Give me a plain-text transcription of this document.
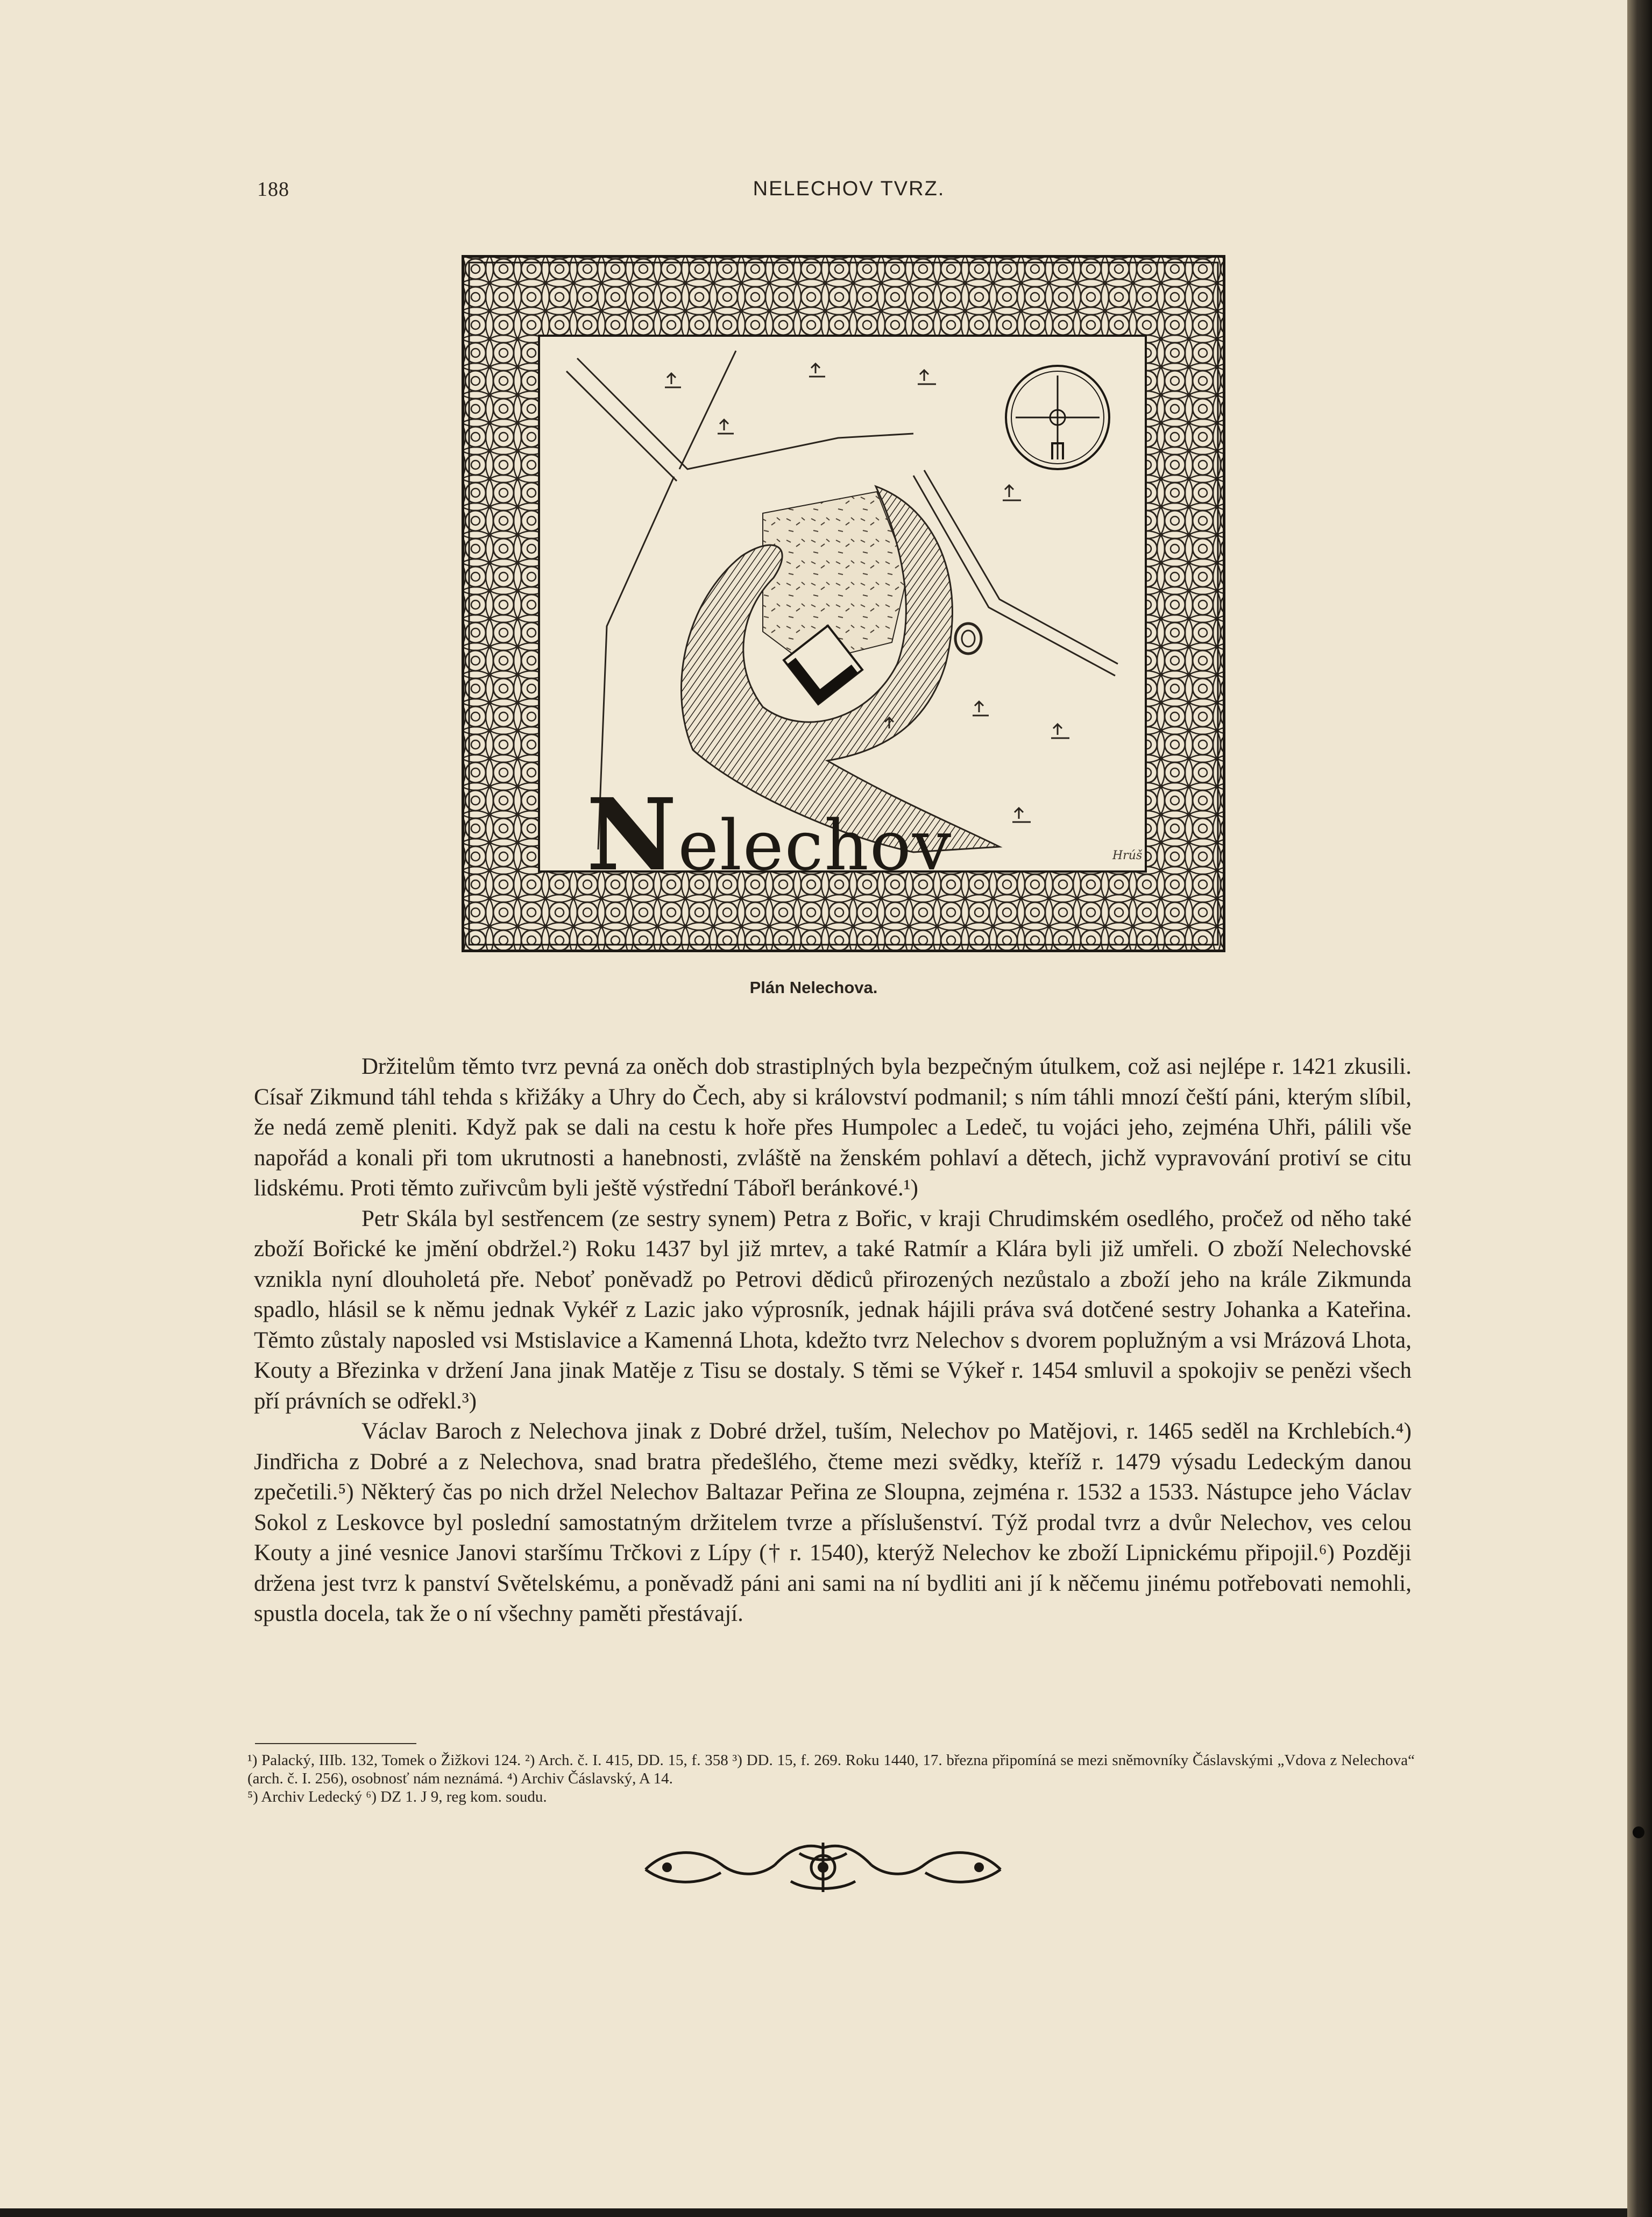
188	NELECHOV TVRZ.
Nelechov	Hrúš
Plán Nelechova.

Držitelům těmto tvrz pevná za oněch dob strastiplných byla bezpečným útulkem, což asi nejlépe r. 1421 zkusili. Císař Zikmund táhl tehda s křižáky a Uhry do Čech, aby si království podmanil; s ním táhli mnozí čeští páni, kterým slíbil, že nedá země pleniti. Když pak se dali na cestu k hoře přes Humpolec a Ledeč, tu vojáci jeho, zejména Uhři, pálili vše napořád a konali při tom ukrutnosti a hanebnosti, zvláště na ženském pohlaví a dětech, jichž vypravování protiví se citu lidskému. Proti těmto zuřivcům byli ještě výstřední Tábořl beránkové.¹)

Petr Skála byl sestřencem (ze sestry synem) Petra z Bořic, v kraji Chrudimském osedlého, pročež od něho také zboží Bořické ke jmění obdržel.²) Roku 1437 byl již mrtev, a také Ratmír a Klára byli již umřeli. O zboží Nelechovské vznikla nyní dlouholetá pře. Neboť poněvadž po Petrovi dědiců přirozených nezůstalo a zboží jeho na krále Zikmunda spadlo, hlásil se k němu jednak Vykéř z Lazic jako výprosník, jednak hájili práva svá dotčené sestry Johanka a Kateřina. Těmto zůstaly naposled vsi Mstislavice a Kamenná Lhota, kdežto tvrz Nelechov s dvorem poplužným a vsi Mrázová Lhota, Kouty a Březinka v držení Jana jinak Matěje z Tisu se dostaly. S těmi se Výkeř r. 1454 smluvil a spokojiv se penězi všech pří právních se odřekl.³)

Václav Baroch z Nelechova jinak z Dobré držel, tuším, Nelechov po Matějovi, r. 1465 seděl na Krchlebích.⁴) Jindřicha z Dobré a z Nelechova, snad bratra předešlého, čteme mezi svědky, kteříž r. 1479 výsadu Ledeckým danou zpečetili.⁵) Některý čas po nich držel Nelechov Baltazar Peřina ze Sloupna, zejména r. 1532 a 1533. Nástupce jeho Václav Sokol z Leskovce byl poslední samostatným držitelem tvrze a příslušenství. Týž prodal tvrz a dvůr Nelechov, ves celou Kouty a jiné vesnice Janovi staršímu Trčkovi z Lípy († r. 1540), kterýž Nelechov ke zboží Lipnickému připojil.⁶) Později držena jest tvrz k panství Světelskému, a poněvadž páni ani sami na ní bydliti ani jí k něčemu jinému potřebovati nemohli, spustla docela, tak že o ní všechny paměti přestávají.

¹) Palacký, IIIb. 132, Tomek o Žižkovi 124. ²) Arch. č. I. 415, DD. 15, f. 358 ³) DD. 15, f. 269. Roku 1440, 17. března připomíná se mezi sněmovníky Čáslavskými „Vdova z Nelechova“ (arch. č. I. 256), osobnosť nám neznámá. ⁴) Archiv Čáslavský, A 14.
⁵) Archiv Ledecký ⁶) DZ 1. J 9, reg kom. soudu.
